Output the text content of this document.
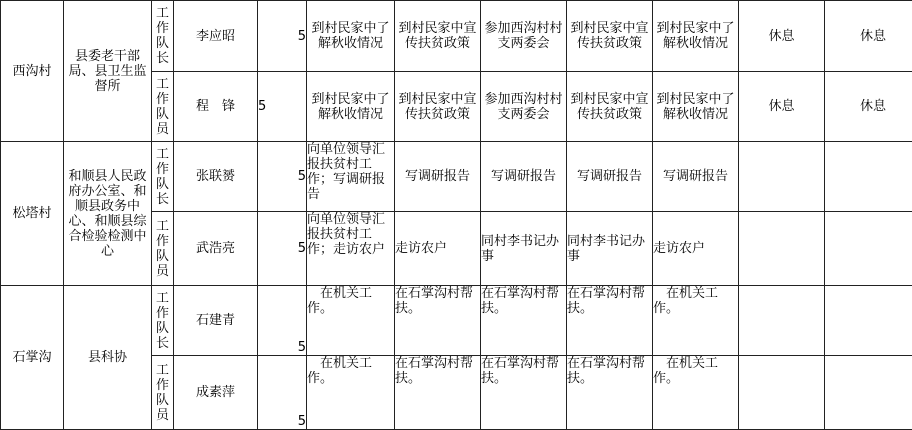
西沟村	县委老干部局、县卫生监督所	工
作
队
长	李应昭	5	到村民家中了解秋收情况	到村民家中宣传扶贫政策	参加西沟村村支两委会	到村民家中宣传扶贫政策	到村民家中了解秋收情况	休息	休息

		工
作
队
员	程　锋	5	到村民家中了解秋收情况	到村民家中宣传扶贫政策	参加西沟村村支两委会	到村民家中宣传扶贫政策	到村民家中了解秋收情况	休息	休息
松塔村	和顺县人民政府办公室、和顺县政务中心、和顺县综合检验检测中心	工
作
队
长	张联赟	5	向单位领导汇报扶贫村工作；写调研报告	写调研报告	写调研报告	写调研报告	写调研报告		

		工
作
队
员	武浩亮	5	向单位领导汇报扶贫村工作；走访农户	走访农户	同村李书记办事	同村李书记办事	走访农户		
石掌沟	县科协	工
作
队
长	石建青	5	　在机关工作。	在石掌沟村帮扶。	在石掌沟村帮扶。	在石掌沟村帮扶。	　在机关工作。		

		工
作
队
员	成素萍	5	　在机关工作。	在石掌沟村帮扶。	在石掌沟村帮扶。	在石掌沟村帮扶。	　在机关工作。		
